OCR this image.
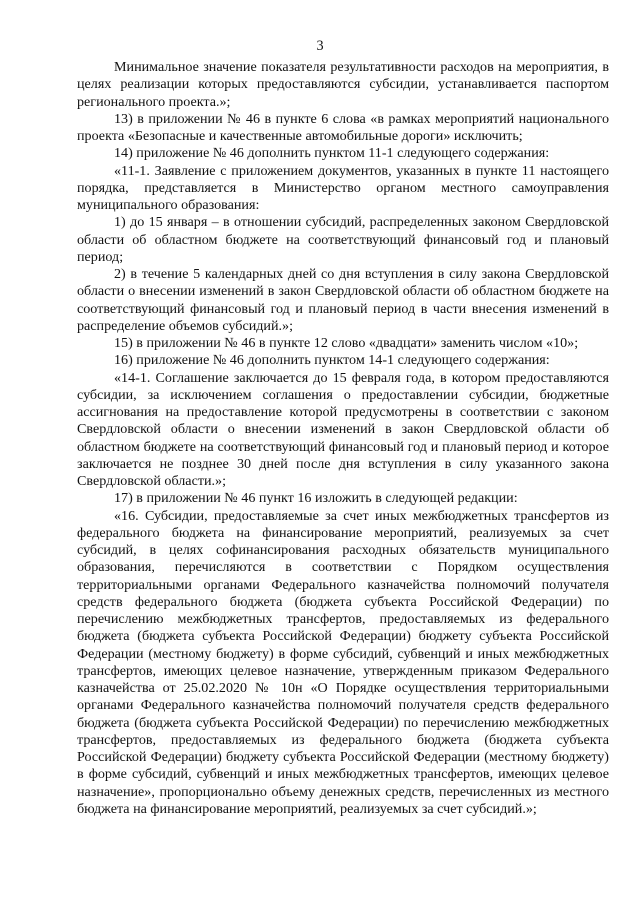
3

Минимальное значение показателя результативности расходов на мероприятия, в целях реализации которых предоставляются субсидии, устанавливается паспортом регионального проекта.»;

13) в приложении № 46 в пункте 6 слова «в рамках мероприятий национального проекта «Безопасные и качественные автомобильные дороги» исключить;

14) приложение № 46 дополнить пунктом 11-1 следующего содержания:

«11-1. Заявление с приложением документов, указанных в пункте 11 настоящего порядка, представляется в Министерство органом местного самоуправления муниципального образования:

1) до 15 января – в отношении субсидий, распределенных законом Свердловской области об областном бюджете на соответствующий финансовый год и плановый период;

2) в течение 5 календарных дней со дня вступления в силу закона Свердловской области о внесении изменений в закон Свердловской области об областном бюджете на соответствующий финансовый год и плановый период в части внесения изменений в распределение объемов субсидий.»;

15) в приложении № 46 в пункте 12 слово «двадцати» заменить числом «10»;

16) приложение № 46 дополнить пунктом 14-1 следующего содержания:

«14-1. Соглашение заключается до 15 февраля года, в котором предоставляются субсидии, за исключением соглашения о предоставлении субсидии, бюджетные ассигнования на предоставление которой предусмотрены в соответствии с законом Свердловской области о внесении изменений в закон Свердловской области об областном бюджете на соответствующий финансовый год и плановый период и которое заключается не позднее 30 дней после дня вступления в силу указанного закона Свердловской области.»;

17) в приложении № 46 пункт 16 изложить в следующей редакции:

«16. Субсидии, предоставляемые за счет иных межбюджетных трансфертов из федерального бюджета на финансирование мероприятий, реализуемых за счет субсидий, в целях софинансирования расходных обязательств муниципального образования, перечисляются в соответствии с Порядком осуществления территориальными органами Федерального казначейства полномочий получателя средств федерального бюджета (бюджета субъекта Российской Федерации) по перечислению межбюджетных трансфертов, предоставляемых из федерального бюджета (бюджета субъекта Российской Федерации) бюджету субъекта Российской Федерации (местному бюджету) в форме субсидий, субвенций и иных межбюджетных трансфертов, имеющих целевое назначение, утвержденным приказом Федерального казначейства от 25.02.2020 № 10н «О Порядке осуществления территориальными органами Федерального казначейства полномочий получателя средств федерального бюджета (бюджета субъекта Российской Федерации) по перечислению межбюджетных трансфертов, предоставляемых из федерального бюджета (бюджета субъекта Российской Федерации) бюджету субъекта Российской Федерации (местному бюджету) в форме субсидий, субвенций и иных межбюджетных трансфертов, имеющих целевое назначение», пропорционально объему денежных средств, перечисленных из местного бюджета на финансирование мероприятий, реализуемых за счет субсидий.»;
